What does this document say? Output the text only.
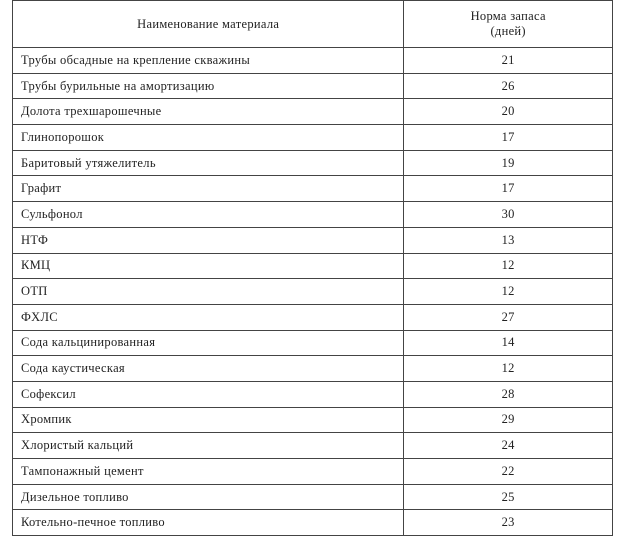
Наименование материала	Норма запаса
(дней)

Трубы обсадные на крепление скважины	21
Трубы бурильные на амортизацию	26
Долота трехшарошечные	20
Глинопорошок	17
Баритовый утяжелитель	19
Графит	17
Сульфонол	30
НТФ	13
КМЦ	12
ОТП	12
ФХЛС	27
Сода кальцинированная	14
Сода каустическая	12
Софексил	28
Хромпик	29
Хлористый кальций	24
Тампонажный цемент	22
Дизельное топливо	25
Котельно-печное топливо	23
